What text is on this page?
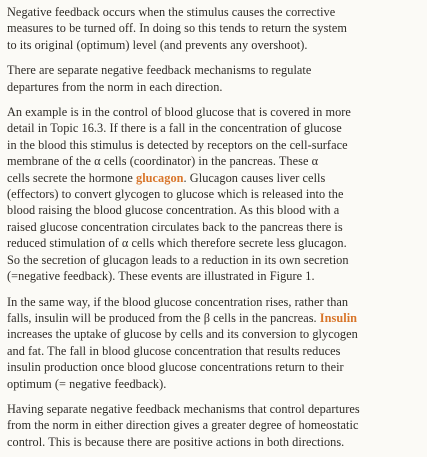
Negative feedback occurs when the stimulus causes the corrective
measures to be turned off. In doing so this tends to return the system
to its original (optimum) level (and prevents any overshoot).

There are separate negative feedback mechanisms to regulate
departures from the norm in each direction.

An example is in the control of blood glucose that is covered in more
detail in Topic 16.3. If there is a fall in the concentration of glucose
in the blood this stimulus is detected by receptors on the cell-surface
membrane of the α cells (coordinator) in the pancreas. These α
cells secrete the hormone glucagon. Glucagon causes liver cells
(effectors) to convert glycogen to glucose which is released into the
blood raising the blood glucose concentration. As this blood with a
raised glucose concentration circulates back to the pancreas there is
reduced stimulation of α cells which therefore secrete less glucagon.
So the secretion of glucagon leads to a reduction in its own secretion
(=negative feedback). These events are illustrated in Figure 1.

In the same way, if the blood glucose concentration rises, rather than
falls, insulin will be produced from the β cells in the pancreas. Insulin
increases the uptake of glucose by cells and its conversion to glycogen
and fat. The fall in blood glucose concentration that results reduces
insulin production once blood glucose concentrations return to their
optimum (= negative feedback).

Having separate negative feedback mechanisms that control departures
from the norm in either direction gives a greater degree of homeostatic
control. This is because there are positive actions in both directions.
